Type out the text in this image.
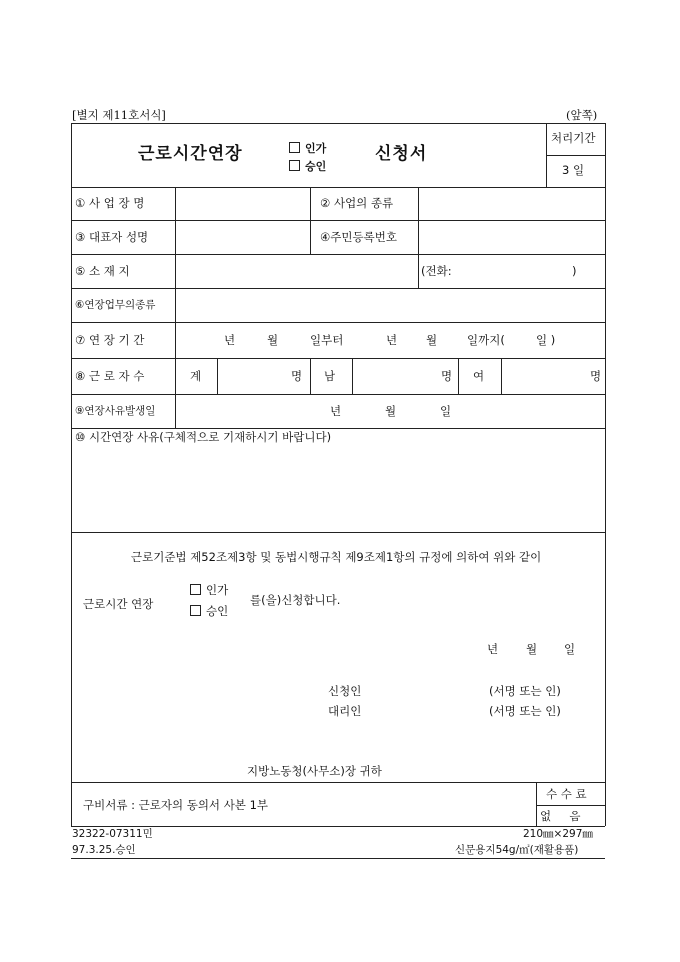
[별지 제11호서식]	(앞쪽)
근로시간연장	인가
승인
신청서
처리기간
3 일
① 사 업 장 명	② 사업의 종류
③ 대표자 성명	④주민등록번호
⑤ 소 재 지	(전화:	)
⑥연장업무의종류
⑦ 연 장 기 간	년	월	일부터	년	월	일까지(	일 )
⑧ 근 로 자 수	계	명 남	명 여	명
⑨연장사유발생일	년	월	일
⑩ 시간연장 사유(구체적으로 기재하시기 바랍니다)
근로기준법 제52조제3항 및 동법시행규칙 제9조제1항의 규정에 의하여 위와 같이
근로시간 연장
인가
승인
를(을)신청합니다.
년 월 일
신청인	(서명 또는 인)
대리인	(서명 또는 인)
지방노동청(사무소)장 귀하
구비서류 : 근로자의 동의서 사본 1부
수 수 료
없     음
32322-07311민
97.3.25.승인
210㎜×297㎜
신문용지54g/㎡(재활용품)
